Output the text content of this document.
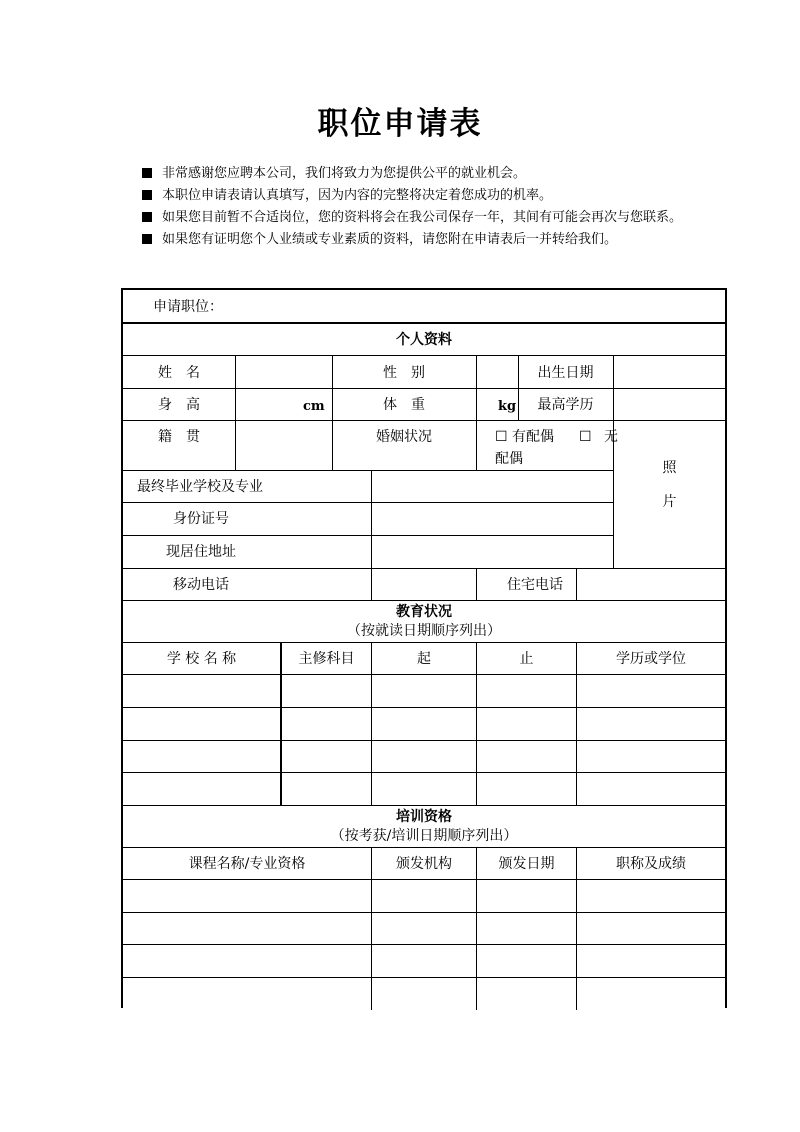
职位申请表
非常感谢您应聘本公司，我们将致力为您提供公平的就业机会。
本职位申请表请认真填写，因为内容的完整将决定着您成功的机率。
如果您目前暂不合适岗位，您的资料将会在我公司保存一年，其间有可能会再次与您联系。
如果您有证明您个人业绩或专业素质的资料，请您附在申请表后一并转给我们。
申请职位：
个人资料
姓　名	性　别	出生日期
身　高	cm	体　重	kg	最高学历
籍　贯	婚姻状况	☐ 有配偶 ☐ 无
配偶
照
片
最终毕业学校及专业
身份证号
现居住地址
移动电话	住宅电话
教育状况
（按就读日期顺序列出）
学 校 名 称	主修科目	起	止	学历或学位
培训资格
（按考获/培训日期顺序列出）
课程名称/专业资格	颁发机构	颁发日期	职称及成绩
